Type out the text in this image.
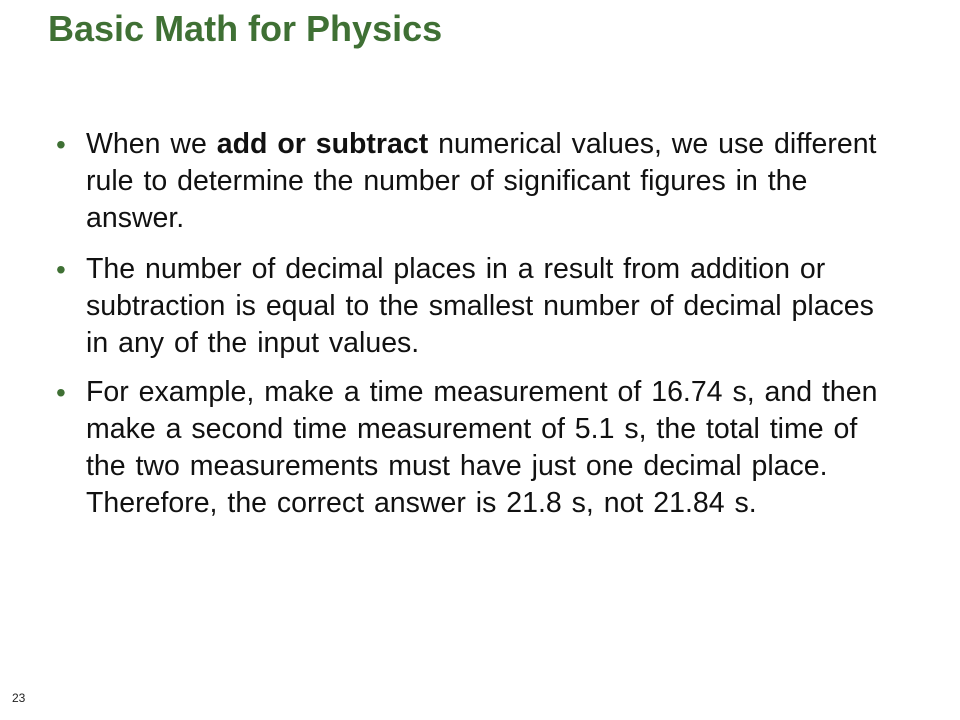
Basic Math for Physics
• When we add or subtract numerical values, we use different rule to determine the number of significant figures in the answer.
• The number of decimal places in a result from addition or subtraction is equal to the smallest number of decimal places in any of the input values.
• For example, make a time measurement of 16.74 s, and then make a second time measurement of 5.1 s, the total time of the two measurements must have just one decimal place. Therefore, the correct answer is 21.8 s, not 21.84 s.
23
